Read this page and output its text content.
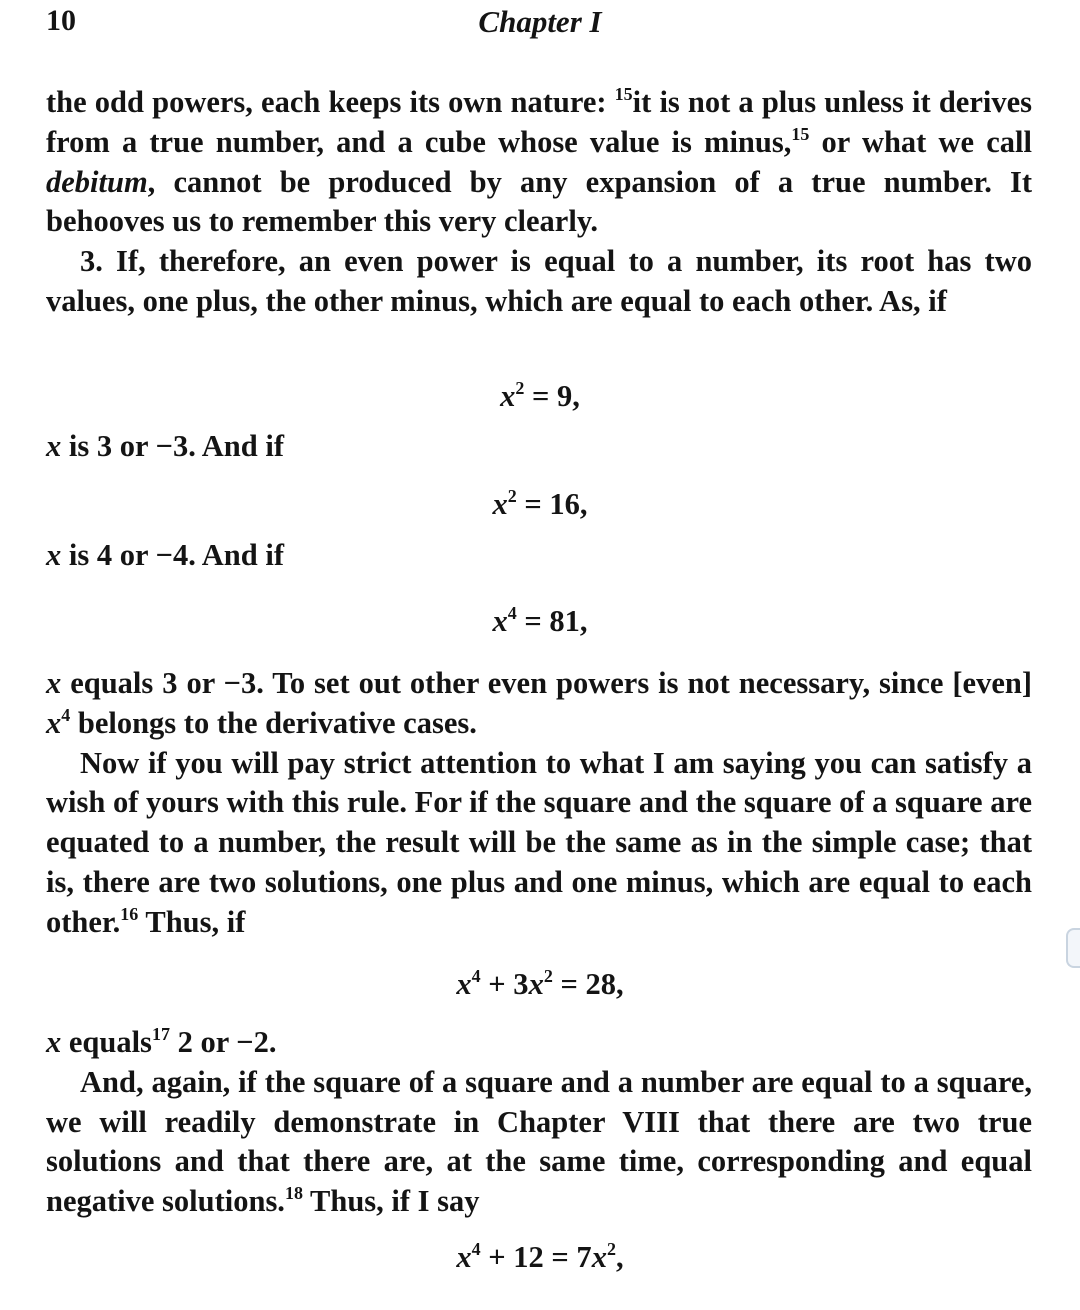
10	Chapter I

the odd powers, each keeps its own nature: $^{15}$it is not a plus unless it derives from a true number, and a cube whose value is minus,$^{15}$ or what we call debitum, cannot be produced by any expansion of a true number. It behooves us to remember this very clearly.

3. If, therefore, an even power is equal to a number, its root has two values, one plus, the other minus, which are equal to each other. As, if

$x^2 = 9$,
x is 3 or −3. And if
$x^2 = 16$,
x is 4 or −4. And if
$x^4 = 81$,

x equals 3 or −3. To set out other even powers is not necessary, since [even] $x^4$ belongs to the derivative cases.

Now if you will pay strict attention to what I am saying you can satisfy a wish of yours with this rule. For if the square and the square of a square are equated to a number, the result will be the same as in the simple case; that is, there are two solutions, one plus and one minus, which are equal to each other.$^{16}$ Thus, if

$x^4 + 3x^2 = 28$,

x equals$^{17}$ 2 or −2.

And, again, if the square of a square and a number are equal to a square, we will readily demonstrate in Chapter VIII that there are two true solutions and that there are, at the same time, corresponding and equal negative solutions.$^{18}$ Thus, if I say

$x^4 + 12 = 7x^2$,
